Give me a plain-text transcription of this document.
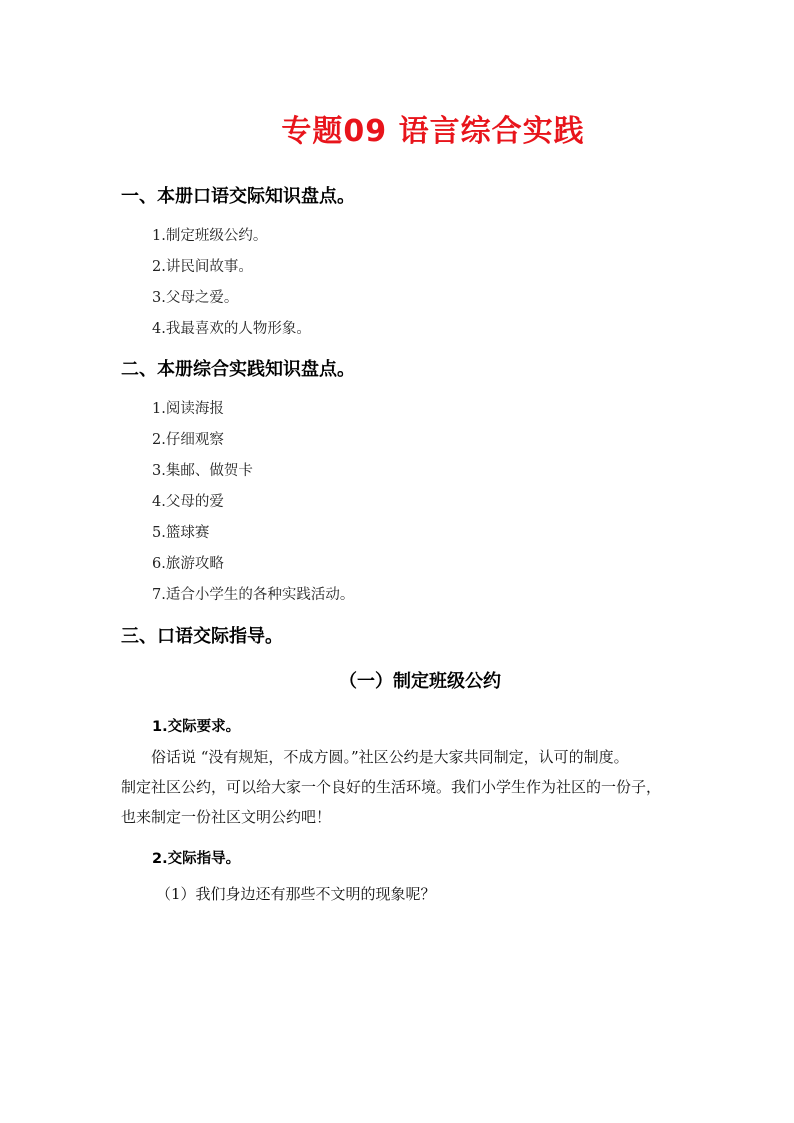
专题09 语言综合实践
一、本册口语交际知识盘点。
1.制定班级公约。
2.讲民间故事。
3.父母之爱。
4.我最喜欢的人物形象。
二、本册综合实践知识盘点。
1.阅读海报
2.仔细观察
3.集邮、做贺卡
4.父母的爱
5.篮球赛
6.旅游攻略
7.适合小学生的各种实践活动。
三、口语交际指导。
（一）制定班级公约
1.交际要求。
俗话说 “没有规矩，不成方圆。”社区公约是大家共同制定，认可的制度。
制定社区公约，可以给大家一个良好的生活环境。我们小学生作为社区的一份子，
也来制定一份社区文明公约吧！
2.交际指导。
（1）我们身边还有那些不文明的现象呢？
